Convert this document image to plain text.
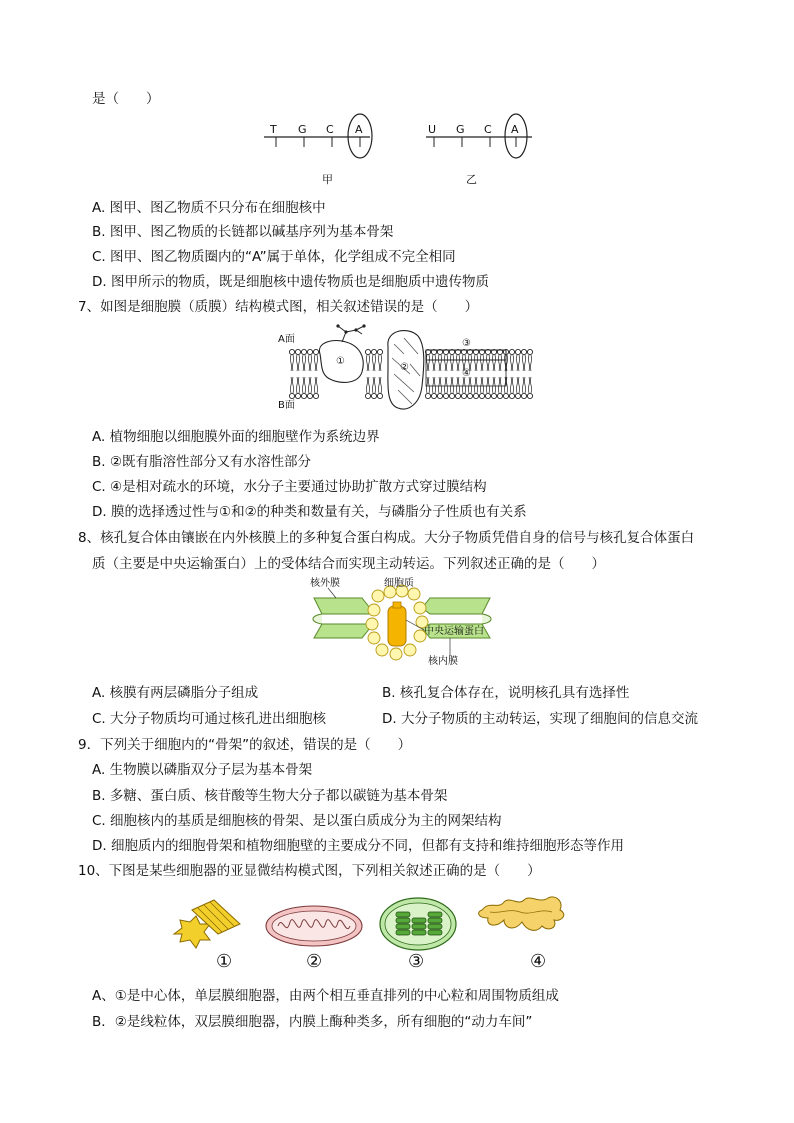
是（　　）
T G C A
甲
U G C A
乙
A. 图甲、图乙物质不只分布在细胞核中
B. 图甲、图乙物质的长链都以碱基序列为基本骨架
C. 图甲、图乙物质圈内的“A”属于单体，化学组成不完全相同
D. 图甲所示的物质，既是细胞核中遗传物质也是细胞质中遗传物质
7、如图是细胞膜（质膜）结构模式图，相关叙述错误的是（　　）
A面
B面
①
②
③
④
A. 植物细胞以细胞膜外面的细胞壁作为系统边界
B. ②既有脂溶性部分又有水溶性部分
C. ④是相对疏水的环境，水分子主要通过协助扩散方式穿过膜结构
D. 膜的选择透过性与①和②的种类和数量有关，与磷脂分子性质也有关系
8、核孔复合体由镶嵌在内外核膜上的多种复合蛋白构成。大分子物质凭借自身的信号与核孔复合体蛋白
质（主要是中央运输蛋白）上的受体结合而实现主动转运。下列叙述正确的是（　　）
核外膜	细胞质
中央运输蛋白
核内膜
A. 核膜有两层磷脂分子组成	B. 核孔复合体存在，说明核孔具有选择性
C. 大分子物质均可通过核孔进出细胞核	D. 大分子物质的主动转运，实现了细胞间的信息交流
9．下列关于细胞内的“骨架”的叙述，错误的是（　　）
A. 生物膜以磷脂双分子层为基本骨架
B. 多糖、蛋白质、核苷酸等生物大分子都以碳链为基本骨架
C. 细胞核内的基质是细胞核的骨架、是以蛋白质成分为主的网架结构
D. 细胞质内的细胞骨架和植物细胞壁的主要成分不同，但都有支持和维持细胞形态等作用
10、下图是某些细胞器的亚显微结构模式图，下列相关叙述正确的是（　　）
①	②	③	④
A、①是中心体，单层膜细胞器，由两个相互垂直排列的中心粒和周围物质组成
B．②是线粒体，双层膜细胞器，内膜上酶种类多，所有细胞的“动力车间”
